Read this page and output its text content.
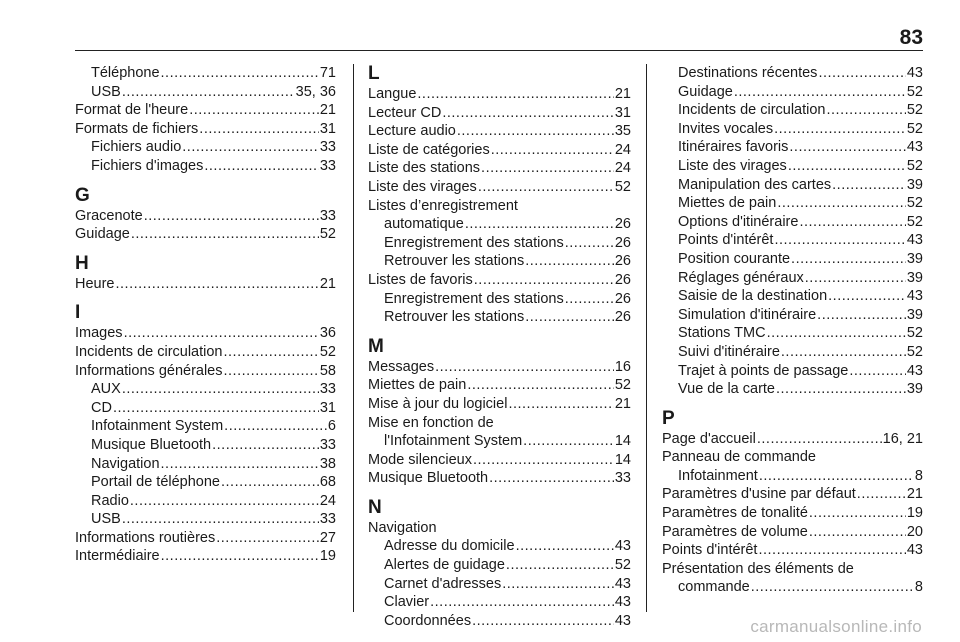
83
Téléphone .....	71
USB .....	35, 36
Format de l'heure .....	21
Formats de fichiers .....	31
Fichiers audio .....	33
Fichiers d'images .....	33
G
Gracenote .....	33
Guidage .....	52
H
Heure .....	21
I
Images .....	36
Incidents de circulation .....	52
Informations générales .....	58
AUX .....	33
CD .....	31
Infotainment System .....	6
Musique Bluetooth .....	33
Navigation .....	38
Portail de téléphone .....	68
Radio .....	24
USB .....	33
Informations routières .....	27
Intermédiaire .....	19
L
Langue .....	21
Lecteur CD .....	31
Lecture audio .....	35
Liste de catégories .....	24
Liste des stations .....	24
Liste des virages .....	52
Listes d’enregistrement
automatique .....	26
Enregistrement des stations .....	26
Retrouver les stations .....	26
Listes de favoris .....	26
Enregistrement des stations .....	26
Retrouver les stations .....	26
M
Messages .....	16
Miettes de pain .....	52
Mise à jour du logiciel .....	21
Mise en fonction de
l'Infotainment System .....	14
Mode silencieux .....	14
Musique Bluetooth .....	33
N
Navigation
Adresse du domicile .....	43
Alertes de guidage .....	52
Carnet d'adresses .....	43
Clavier .....	43
Coordonnées .....	43
Destinations récentes .....	43
Guidage .....	52
Incidents de circulation .....	52
Invites vocales .....	52
Itinéraires favoris .....	43
Liste des virages .....	52
Manipulation des cartes .....	39
Miettes de pain .....	52
Options d'itinéraire .....	52
Points d'intérêt .....	43
Position courante .....	39
Réglages généraux .....	39
Saisie de la destination .....	43
Simulation d'itinéraire .....	39
Stations TMC .....	52
Suivi d'itinéraire .....	52
Trajet à points de passage .....	43
Vue de la carte .....	39
P
Page d'accueil .....	16, 21
Panneau de commande
Infotainment .....	8
Paramètres d'usine par défaut .....	21
Paramètres de tonalité .....	19
Paramètres de volume .....	20
Points d'intérêt .....	43
Présentation des éléments de
commande .....	8
carmanualsonline.info
